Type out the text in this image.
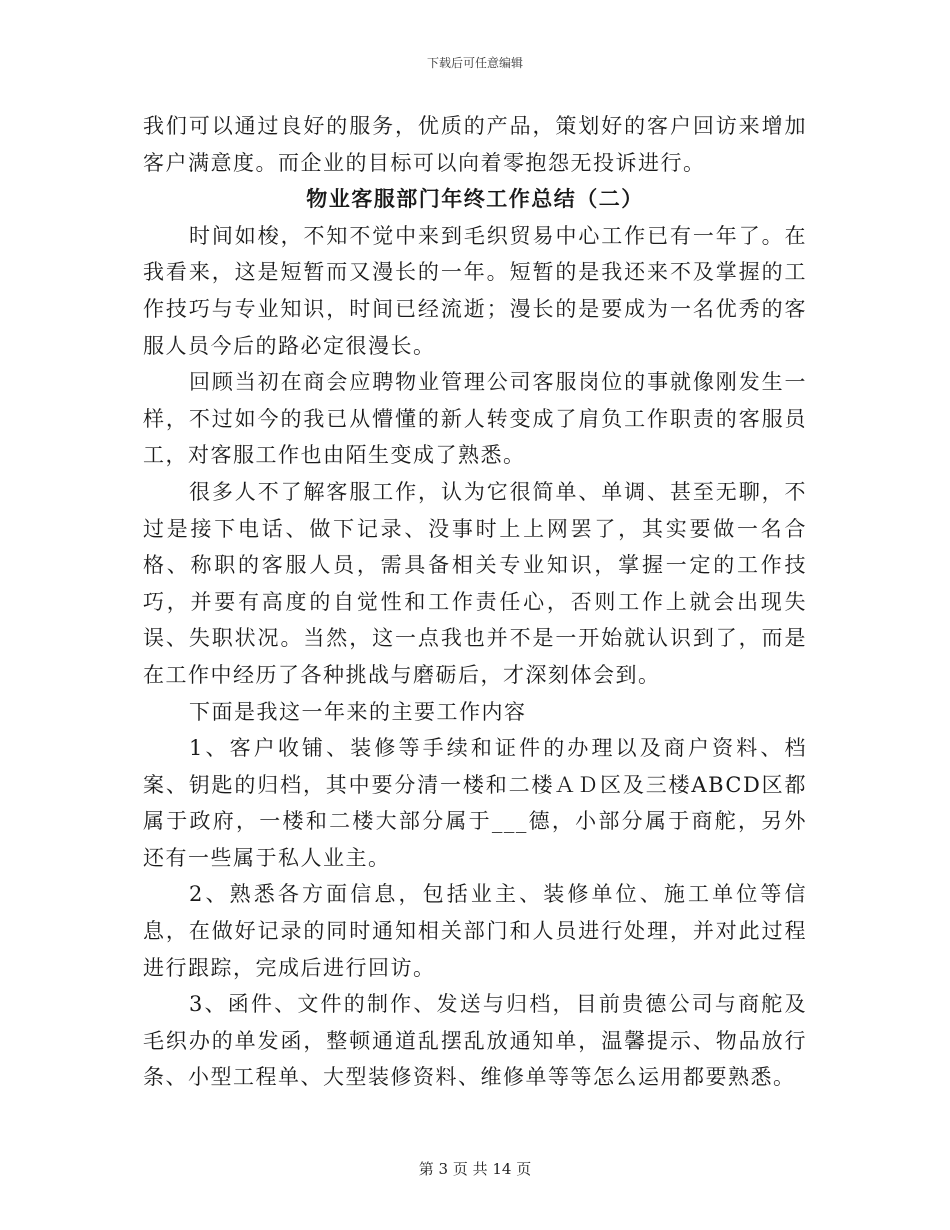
下载后可任意编辑

我们可以通过良好的服务，优质的产品，策划好的客户回访来增加客户满意度。而企业的目标可以向着零抱怨无投诉进行。

物业客服部门年终工作总结（二）

时间如梭，不知不觉中来到毛织贸易中心工作已有一年了。在我看来，这是短暂而又漫长的一年。短暂的是我还来不及掌握的工作技巧与专业知识，时间已经流逝；漫长的是要成为一名优秀的客服人员今后的路必定很漫长。

回顾当初在商会应聘物业管理公司客服岗位的事就像刚发生一样，不过如今的我已从懵懂的新人转变成了肩负工作职责的客服员工，对客服工作也由陌生变成了熟悉。

很多人不了解客服工作，认为它很简单、单调、甚至无聊，不过是接下电话、做下记录、没事时上上网罢了，其实要做一名合格、称职的客服人员，需具备相关专业知识，掌握一定的工作技巧，并要有高度的自觉性和工作责任心，否则工作上就会出现失误、失职状况。当然，这一点我也并不是一开始就认识到了，而是在工作中经历了各种挑战与磨砺后，才深刻体会到。

下面是我这一年来的主要工作内容

1、客户收铺、装修等手续和证件的办理以及商户资料、档案、钥匙的归档，其中要分清一楼和二楼ＡＤ区及三楼ABCD区都属于政府，一楼和二楼大部分属于___德，小部分属于商舵，另外还有一些属于私人业主。

2、熟悉各方面信息，包括业主、装修单位、施工单位等信息，在做好记录的同时通知相关部门和人员进行处理，并对此过程进行跟踪，完成后进行回访。

3、函件、文件的制作、发送与归档，目前贵德公司与商舵及毛织办的单发函，整顿通道乱摆乱放通知单，温馨提示、物品放行条、小型工程单、大型装修资料、维修单等等怎么运用都要熟悉。

第 3 页 共 14 页
